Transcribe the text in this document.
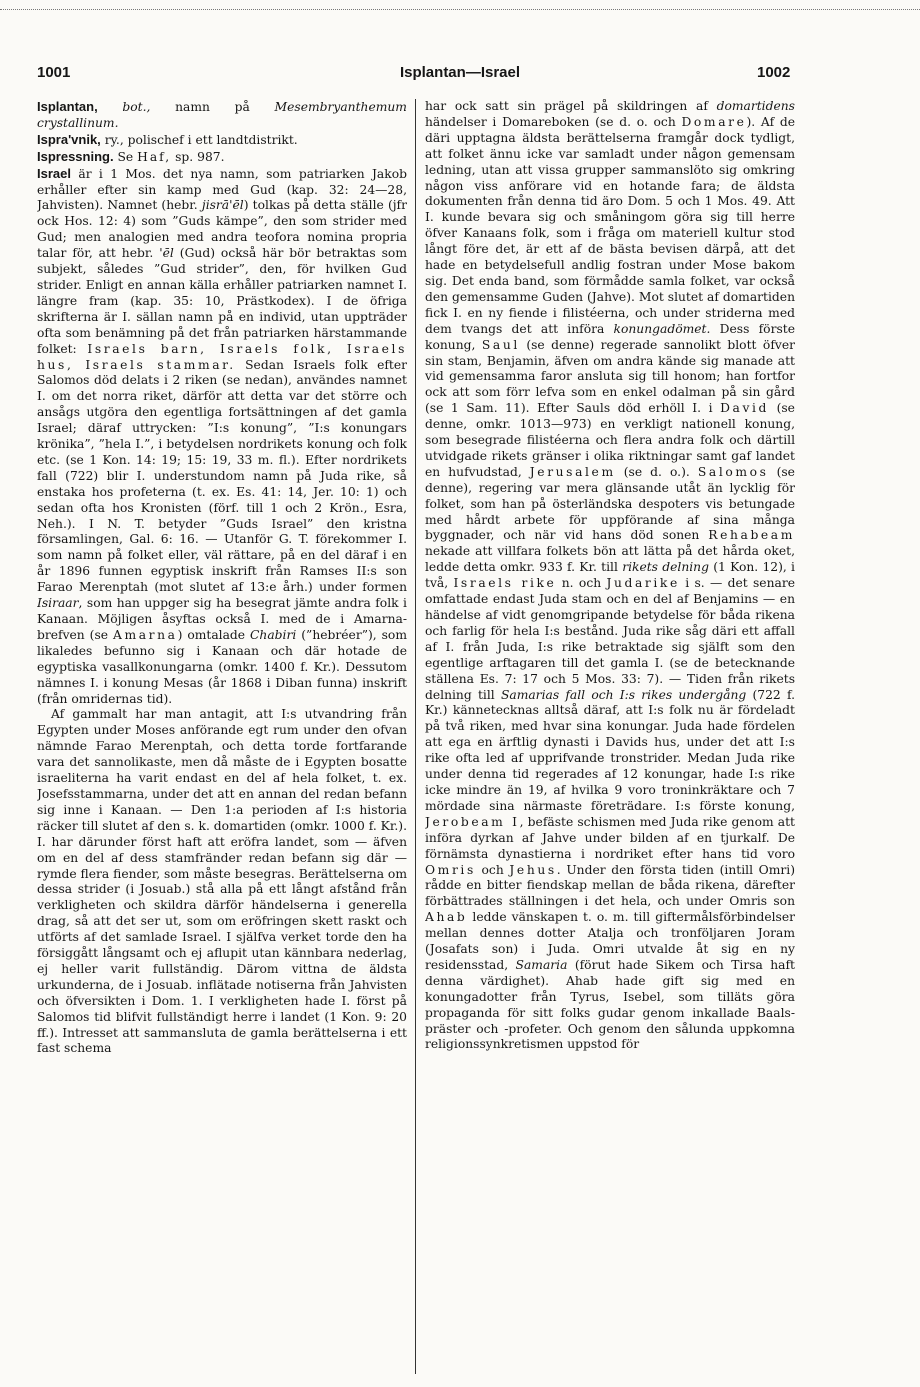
1001	Isplantan—Israel	1002

Isplantan, bot., namn på Mesembryanthemum crystallinum.

Ispra'vnik, ry., polischef i ett landtdistrikt.

Ispressning. Se Haf, sp. 987.

Israel är i 1 Mos. det nya namn, som patriarken Jakob erhåller efter sin kamp med Gud (kap. 32: 24—28, Jahvisten). Namnet (hebr. jisrā'ēl) tolkas på detta ställe (jfr ock Hos. 12: 4) som ”Guds kämpe”, den som strider med Gud; men analogien med andra teofora nomina propria talar för, att hebr. 'ēl (Gud) också här bör betraktas som subjekt, således ”Gud strider”, den, för hvilken Gud strider. Enligt en annan källa erhåller patriarken namnet I. längre fram (kap. 35: 10, Prästkodex). I de öfriga skrifterna är I. sällan namn på en individ, utan uppträder ofta som benämning på det från patriarken härstammande folket: Israels barn, Israels folk, Israels hus, Israels stammar. Sedan Israels folk efter Salomos död delats i 2 riken (se nedan), användes namnet I. om det norra riket, därför att detta var det större och ansågs utgöra den egentliga fortsättningen af det gamla Israel; däraf uttrycken: ”I:s konung”, ”I:s konungars krönika”, ”hela I.”, i betydelsen nordrikets konung och folk etc. (se 1 Kon. 14: 19; 15: 19, 33 m. fl.). Efter nordrikets fall (722) blir I. understundom namn på Juda rike, så enstaka hos profeterna (t. ex. Es. 41: 14, Jer. 10: 1) och sedan ofta hos Kronisten (förf. till 1 och 2 Krön., Esra, Neh.). I N. T. betyder ”Guds Israel” den kristna församlingen, Gal. 6: 16. — Utanför G. T. förekommer I. som namn på folket eller, väl rättare, på en del däraf i en år 1896 funnen egyptisk inskrift från Ramses II:s son Farao Merenptah (mot slutet af 13:e årh.) under formen Isiraar, som han uppger sig ha besegrat jämte andra folk i Kanaan. Möjligen åsyftas också I. med de i Amarna-brefven (se Amarna) omtalade Chabiri (”hebréer”), som likaledes befunno sig i Kanaan och där hotade de egyptiska vasallkonungarna (omkr. 1400 f. Kr.). Dessutom nämnes I. i konung Mesas (år 1868 i Diban funna) inskrift (från omridernas tid).

Af gammalt har man antagit, att I:s utvandring från Egypten under Moses anförande egt rum under den ofvan nämnde Farao Merenptah, och detta torde fortfarande vara det sannolikaste, men då måste de i Egypten bosatte israeliterna ha varit endast en del af hela folket, t. ex. Josefsstammarna, under det att en annan del redan befann sig inne i Kanaan. — Den 1:a perioden af I:s historia räcker till slutet af den s. k. domartiden (omkr. 1000 f. Kr.). I. har därunder först haft att eröfra landet, som — äfven om en del af dess stamfränder redan befann sig där — rymde flera fiender, som måste besegras. Berättelserna om dessa strider (i Josuab.) stå alla på ett långt afstånd från verkligheten och skildra därför händelserna i generella drag, så att det ser ut, som om eröfringen skett raskt och utförts af det samlade Israel. I själfva verket torde den ha försiggått långsamt och ej aflupit utan kännbara nederlag, ej heller varit fullständig. Därom vittna de äldsta urkunderna, de i Josuab. inflätade notiserna från Jahvisten och öfversikten i Dom. 1. I verkligheten hade I. först på Salomos tid blifvit fullständigt herre i landet (1 Kon. 9: 20 ff.). Intresset att sammansluta de gamla berättelserna i ett fast schema

har ock satt sin prägel på skildringen af domartidens händelser i Domareboken (se d. o. och Domare). Af de däri upptagna äldsta berättelserna framgår dock tydligt, att folket ännu icke var samladt under någon gemensam ledning, utan att vissa grupper sammanslöto sig omkring någon viss anförare vid en hotande fara; de äldsta dokumenten från denna tid äro Dom. 5 och 1 Mos. 49. Att I. kunde bevara sig och småningom göra sig till herre öfver Kanaans folk, som i fråga om materiell kultur stod långt före det, är ett af de bästa bevisen därpå, att det hade en betydelsefull andlig fostran under Mose bakom sig. Det enda band, som förmådde samla folket, var också den gemensamme Guden (Jahve). Mot slutet af domartiden fick I. en ny fiende i filistéerna, och under striderna med dem tvangs det att införa konungadömet. Dess förste konung, Saul (se denne) regerade sannolikt blott öfver sin stam, Benjamin, äfven om andra kände sig manade att vid gemensamma faror ansluta sig till honom; han fortfor ock att som förr lefva som en enkel odalman på sin gård (se 1 Sam. 11). Efter Sauls död erhöll I. i David (se denne, omkr. 1013—973) en verkligt nationell konung, som besegrade filistéerna och flera andra folk och därtill utvidgade rikets gränser i olika riktningar samt gaf landet en hufvudstad, Jerusalem (se d. o.). Salomos (se denne), regering var mera glänsande utåt än lycklig för folket, som han på österländska despoters vis betungade med hårdt arbete för uppförande af sina många byggnader, och när vid hans död sonen Rehabeam nekade att villfara folkets bön att lätta på det hårda oket, ledde detta omkr. 933 f. Kr. till rikets delning (1 Kon. 12), i två, Israels rike n. och Judarike i s. — det senare omfattade endast Juda stam och en del af Benjamins — en händelse af vidt genomgripande betydelse för båda rikena och farlig för hela I:s bestånd. Juda rike såg däri ett affall af I. från Juda, I:s rike betraktade sig själft som den egentlige arftagaren till det gamla I. (se de betecknande ställena Es. 7: 17 och 5 Mos. 33: 7). — Tiden från rikets delning till Samarias fall och I:s rikes undergång (722 f. Kr.) kännetecknas alltså däraf, att I:s folk nu är fördeladt på två riken, med hvar sina konungar. Juda hade fördelen att ega en ärftlig dynasti i Davids hus, under det att I:s rike ofta led af upprifvande tronstrider. Medan Juda rike under denna tid regerades af 12 konungar, hade I:s rike icke mindre än 19, af hvilka 9 voro troninkräktare och 7 mördade sina närmaste företrädare. I:s förste konung, Jerobeam I, befäste schismen med Juda rike genom att införa dyrkan af Jahve under bilden af en tjurkalf. De förnämsta dynastierna i nordriket efter hans tid voro Omris och Jehus. Under den första tiden (intill Omri) rådde en bitter fiendskap mellan de båda rikena, därefter förbättrades ställningen i det hela, och under Omris son Ahab ledde vänskapen t. o. m. till giftermålsförbindelser mellan dennes dotter Atalja och tronföljaren Joram (Josafats son) i Juda. Omri utvalde åt sig en ny residensstad, Samaria (förut hade Sikem och Tirsa haft denna värdighet). Ahab hade gift sig med en konungadotter från Tyrus, Isebel, som tilläts göra propaganda för sitt folks gudar genom inkallade Baals-präster och -profeter. Och genom den sålunda uppkomna religionssynkretismen uppstod för
